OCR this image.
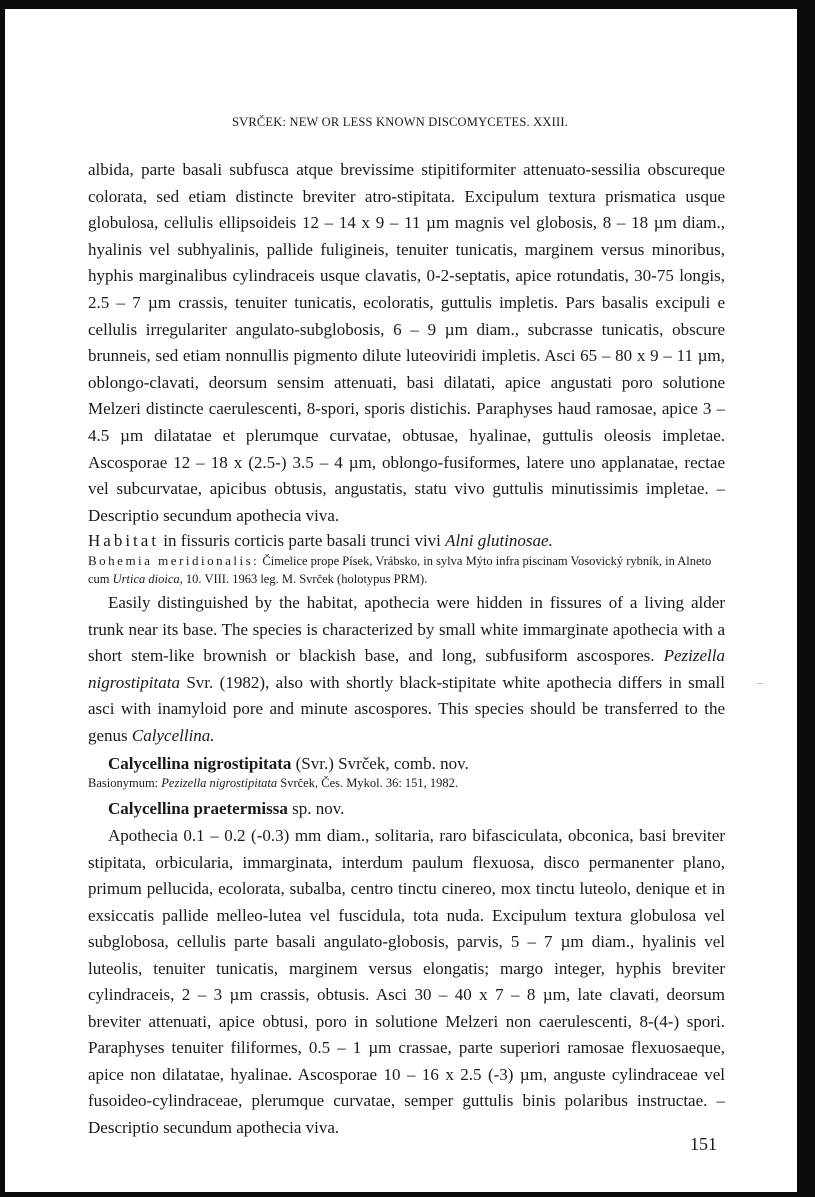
SVRČEK: NEW OR LESS KNOWN DISCOMYCETES. XXIII.

albida, parte basali subfusca atque brevissime stipitiformiter attenuato-sessilia obscureque colorata, sed etiam distincte breviter atro-stipitata. Excipulum textura prismatica usque globulosa, cellulis ellipsoideis 12 – 14 x 9 – 11 µm magnis vel globosis, 8 – 18 µm diam., hyalinis vel subhyalinis, pallide fuligineis, tenuiter tunicatis, marginem versus minoribus, hyphis marginalibus cylindraceis usque clavatis, 0-2-septatis, apice rotundatis, 30-75 longis, 2.5 – 7 µm crassis, tenuiter tunicatis, ecoloratis, guttulis impletis. Pars basalis excipuli e cellulis irregulariter angulato-subglobosis, 6 – 9 µm diam., subcrasse tunicatis, obscure brunneis, sed etiam nonnullis pigmento dilute luteoviridi impletis. Asci 65 – 80 x 9 – 11 µm, oblongo-clavati, deorsum sensim attenuati, basi dilatati, apice angustati poro solutione Melzeri distincte caerulescenti, 8-spori, sporis distichis. Paraphyses haud ramosae, apice 3 – 4.5 µm dilatatae et plerumque curvatae, obtusae, hyalinae, guttulis oleosis impletae. Ascosporae 12 – 18 x (2.5-) 3.5 – 4 µm, oblongo-fusiformes, latere uno applanatae, rectae vel subcurvatae, apicibus obtusis, angustatis, statu vivo guttulis minutissimis impletae. – Descriptio secundum apothecia viva.

Habitat in fissuris corticis parte basali trunci vivi Alni glutinosae.

Bohemia meridionalis: Čimelice prope Písek, Vrábsko, in sylva Mýto infra piscinam Vosovický rybník, in Alneto cum Urtica dioica, 10. VIII. 1963 leg. M. Svrček (holotypus PRM).

Easily distinguished by the habitat, apothecia were hidden in fissures of a living alder trunk near its base. The species is characterized by small white immarginate apothecia with a short stem-like brownish or blackish base, and long, subfusiform ascospores. Pezizella nigrostipitata Svr. (1982), also with shortly black-stipitate white apothecia differs in small asci with inamyloid pore and minute ascospores. This species should be transferred to the genus Calycellina.

Calycellina nigrostipitata (Svr.) Svrček, comb. nov.

Basionymum: Pezizella nigrostipitata Svrček, Čes. Mykol. 36: 151, 1982.

Calycellina praetermissa sp. nov.

Apothecia 0.1 – 0.2 (-0.3) mm diam., solitaria, raro bifasciculata, obconica, basi breviter stipitata, orbicularia, immarginata, interdum paulum flexuosa, disco permanenter plano, primum pellucida, ecolorata, subalba, centro tinctu cinereo, mox tinctu luteolo, denique et in exsiccatis pallide melleo-lutea vel fuscidula, tota nuda. Excipulum textura globulosa vel subglobosa, cellulis parte basali angulato-globosis, parvis, 5 – 7 µm diam., hyalinis vel luteolis, tenuiter tunicatis, marginem versus elongatis; margo integer, hyphis breviter cylindraceis, 2 – 3 µm crassis, obtusis. Asci 30 – 40 x 7 – 8 µm, late clavati, deorsum breviter attenuati, apice obtusi, poro in solutione Melzeri non caerulescenti, 8-(4-) spori. Paraphyses tenuiter filiformes, 0.5 – 1 µm crassae, parte superiori ramosae flexuosaeque, apice non dilatatae, hyalinae. Ascosporae 10 – 16 x 2.5 (-3) µm, anguste cylindraceae vel fusoideo-cylindraceae, plerumque curvatae, semper guttulis binis polaribus instructae. – Descriptio secundum apothecia viva.

151
